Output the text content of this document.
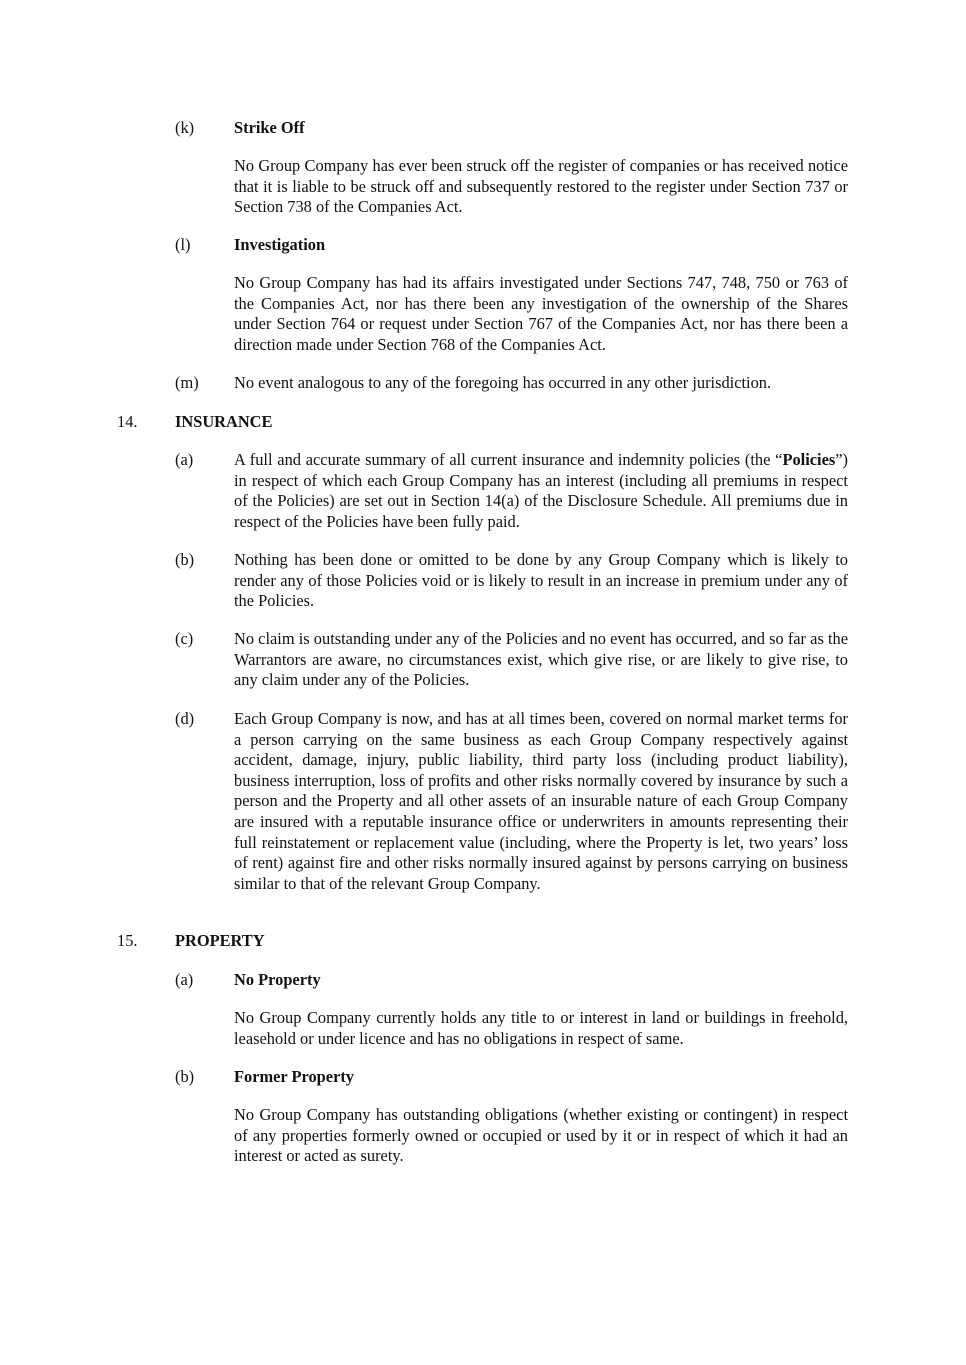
(k) Strike Off
No Group Company has ever been struck off the register of companies or has received notice that it is liable to be struck off and subsequently restored to the register under Section 737 or Section 738 of the Companies Act.
(l)	Investigation
No Group Company has had its affairs investigated under Sections 747, 748, 750 or 763 of the Companies Act, nor has there been any investigation of the ownership of the Shares under Section 764 or request under Section 767 of the Companies Act, nor has there been a direction made under Section 768 of the Companies Act.
(m) No event analogous to any of the foregoing has occurred in any other jurisdiction.
14. INSURANCE
(a) A full and accurate summary of all current insurance and indemnity policies (the “Policies”) in respect of which each Group Company has an interest (including all premiums in respect of the Policies) are set out in Section 14(a) of the Disclosure Schedule. All premiums due in respect of the Policies have been fully paid.
(b) Nothing has been done or omitted to be done by any Group Company which is likely to render any of those Policies void or is likely to result in an increase in premium under any of the Policies.
(c) No claim is outstanding under any of the Policies and no event has occurred, and so far as the Warrantors are aware, no circumstances exist, which give rise, or are likely to give rise, to any claim under any of the Policies.
(d) Each Group Company is now, and has at all times been, covered on normal market terms for a person carrying on the same business as each Group Company respectively against accident, damage, injury, public liability, third party loss (including product liability), business interruption, loss of profits and other risks normally covered by insurance by such a person and the Property and all other assets of an insurable nature of each Group Company are insured with a reputable insurance office or underwriters in amounts representing their full reinstatement or replacement value (including, where the Property is let, two years’ loss of rent) against fire and other risks normally insured against by persons carrying on business similar to that of the relevant Group Company.
15. PROPERTY
(a) No Property
No Group Company currently holds any title to or interest in land or buildings in freehold, leasehold or under licence and has no obligations in respect of same.
(b) Former Property
No Group Company has outstanding obligations (whether existing or contingent) in respect of any properties formerly owned or occupied or used by it or in respect of which it had an interest or acted as surety.
